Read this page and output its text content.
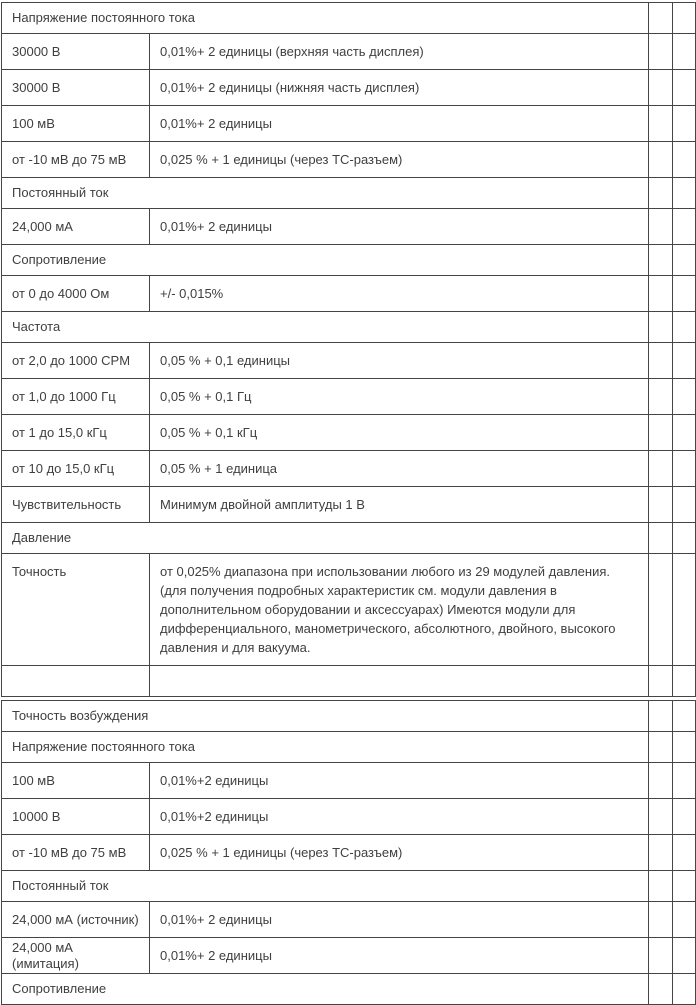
Напряжение постоянного тока			
30000 В	0,01%+ 2 единицы (верхняя часть дисплея)		
30000 В	0,01%+ 2 единицы (нижняя часть дисплея)		
100 мВ	0,01%+ 2 единицы		
от -10 мВ до 75 мВ	0,025 % + 1 единицы (через TC-разъем)		
Постоянный ток			
24,000 мА	0,01%+ 2 единицы		
Сопротивление			
от 0 до 4000 Ом	+/- 0,015%		
Частота			
от 2,0 до 1000 CPM	0,05 % + 0,1 единицы		
от 1,0 до 1000 Гц	0,05 % + 0,1 Гц		
от 1 до 15,0 кГц	0,05 % + 0,1 кГц		
от 10 до 15,0 кГц	0,05 % + 1 единица		
Чувствительность	Минимум двойной амплитуды 1 В		
Давление			
Точность	от 0,025% диапазона при использовании любого из 29 модулей давления. (для получения подробных характеристик см. модули давления в дополнительном оборудовании и аксессуарах) Имеются модули для дифференциального, манометрического, абсолютного, двойного, высокого давления и для вакуума.		

Точность возбуждения			
Напряжение постоянного тока			
100 мВ	0,01%+2 единицы		
10000 В	0,01%+2 единицы		
от -10 мВ до 75 мВ	0,025 % + 1 единицы (через TC-разъем)		
Постоянный ток			
24,000 мА (источник)	0,01%+ 2 единицы		
24,000 мА (имитация)	0,01%+ 2 единицы		
Сопротивление			
